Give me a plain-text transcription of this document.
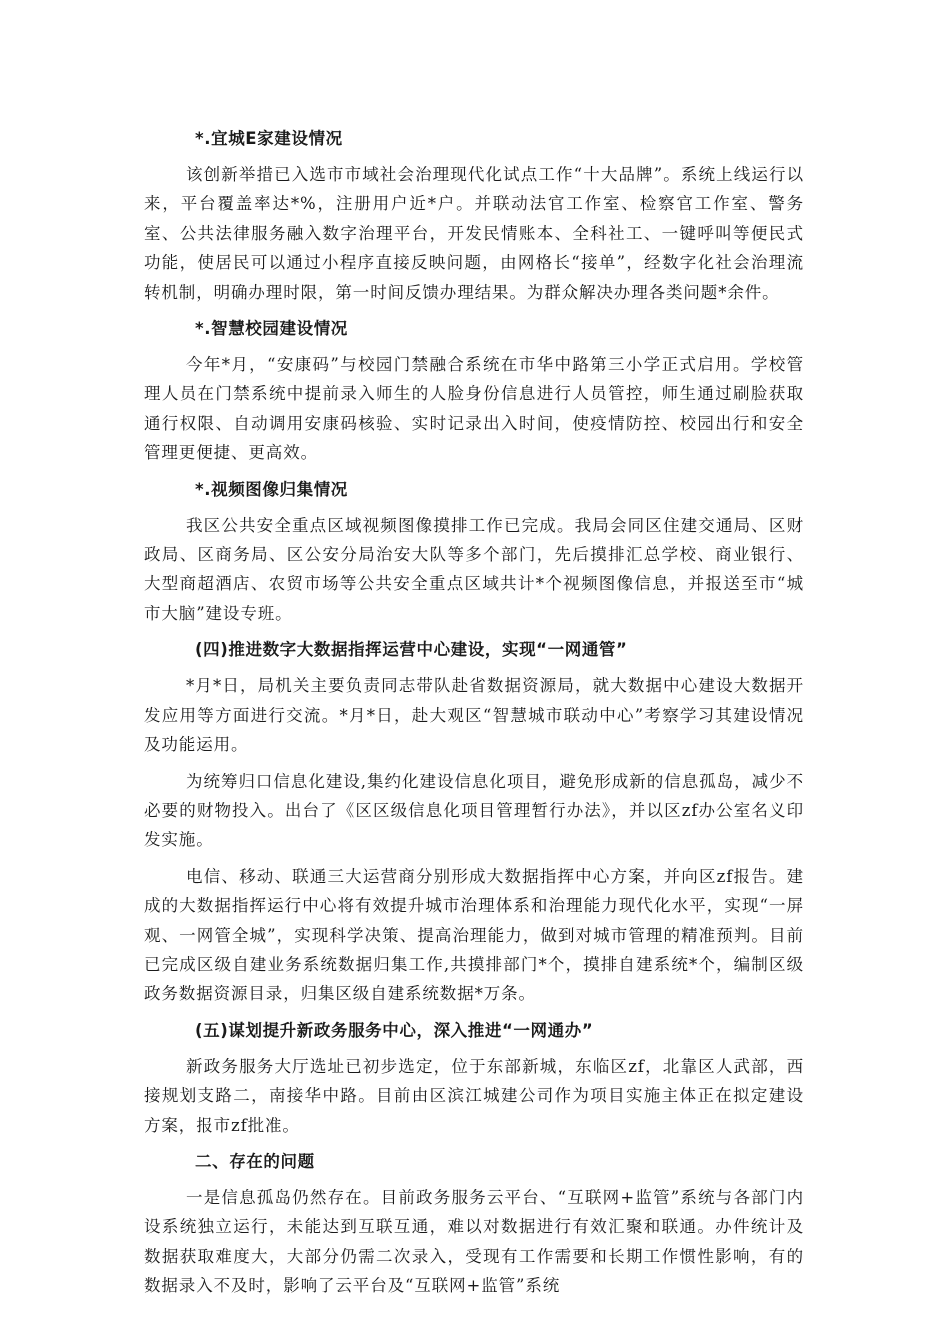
*.宜城E家建设情况

该创新举措已入选市市域社会治理现代化试点工作“十大品牌”。系统上线运行以来，平台覆盖率达*%，注册用户近*户。并联动法官工作室、检察官工作室、警务室、公共法律服务融入数字治理平台，开发民情账本、全科社工、一键呼叫等便民式功能，使居民可以通过小程序直接反映问题，由网格长“接单”，经数字化社会治理流转机制，明确办理时限，第一时间反馈办理结果。为群众解决办理各类问题*余件。

*.智慧校园建设情况

今年*月，“安康码”与校园门禁融合系统在市华中路第三小学正式启用。学校管理人员在门禁系统中提前录入师生的人脸身份信息进行人员管控，师生通过刷脸获取通行权限、自动调用安康码核验、实时记录出入时间，使疫情防控、校园出行和安全管理更便捷、更高效。

*.视频图像归集情况

我区公共安全重点区域视频图像摸排工作已完成。我局会同区住建交通局、区财政局、区商务局、区公安分局治安大队等多个部门，先后摸排汇总学校、商业银行、大型商超酒店、农贸市场等公共安全重点区域共计*个视频图像信息，并报送至市“城市大脑”建设专班。

(四)推进数字大数据指挥运营中心建设，实现“一网通管”

*月*日，局机关主要负责同志带队赴省数据资源局，就大数据中心建设大数据开发应用等方面进行交流。*月*日，赴大观区“智慧城市联动中心”考察学习其建设情况及功能运用。

为统筹归口信息化建设,集约化建设信息化项目，避免形成新的信息孤岛，减少不必要的财物投入。出台了《区区级信息化项目管理暂行办法》，并以区zf办公室名义印发实施。

电信、移动、联通三大运营商分别形成大数据指挥中心方案，并向区zf报告。建成的大数据指挥运行中心将有效提升城市治理体系和治理能力现代化水平，实现“一屏观、一网管全城”，实现科学决策、提高治理能力，做到对城市管理的精准预判。目前已完成区级自建业务系统数据归集工作,共摸排部门*个，摸排自建系统*个，编制区级政务数据资源目录，归集区级自建系统数据*万条。

(五)谋划提升新政务服务中心，深入推进“一网通办”

新政务服务大厅选址已初步选定，位于东部新城，东临区zf，北靠区人武部，西接规划支路二，南接华中路。目前由区滨江城建公司作为项目实施主体正在拟定建设方案，报市zf批准。

二、存在的问题

一是信息孤岛仍然存在。目前政务服务云平台、“互联网+监管”系统与各部门内设系统独立运行，未能达到互联互通，难以对数据进行有效汇聚和联通。办件统计及数据获取难度大，大部分仍需二次录入，受现有工作需要和长期工作惯性影响，有的数据录入不及时，影响了云平台及“互联网+监管”系统
